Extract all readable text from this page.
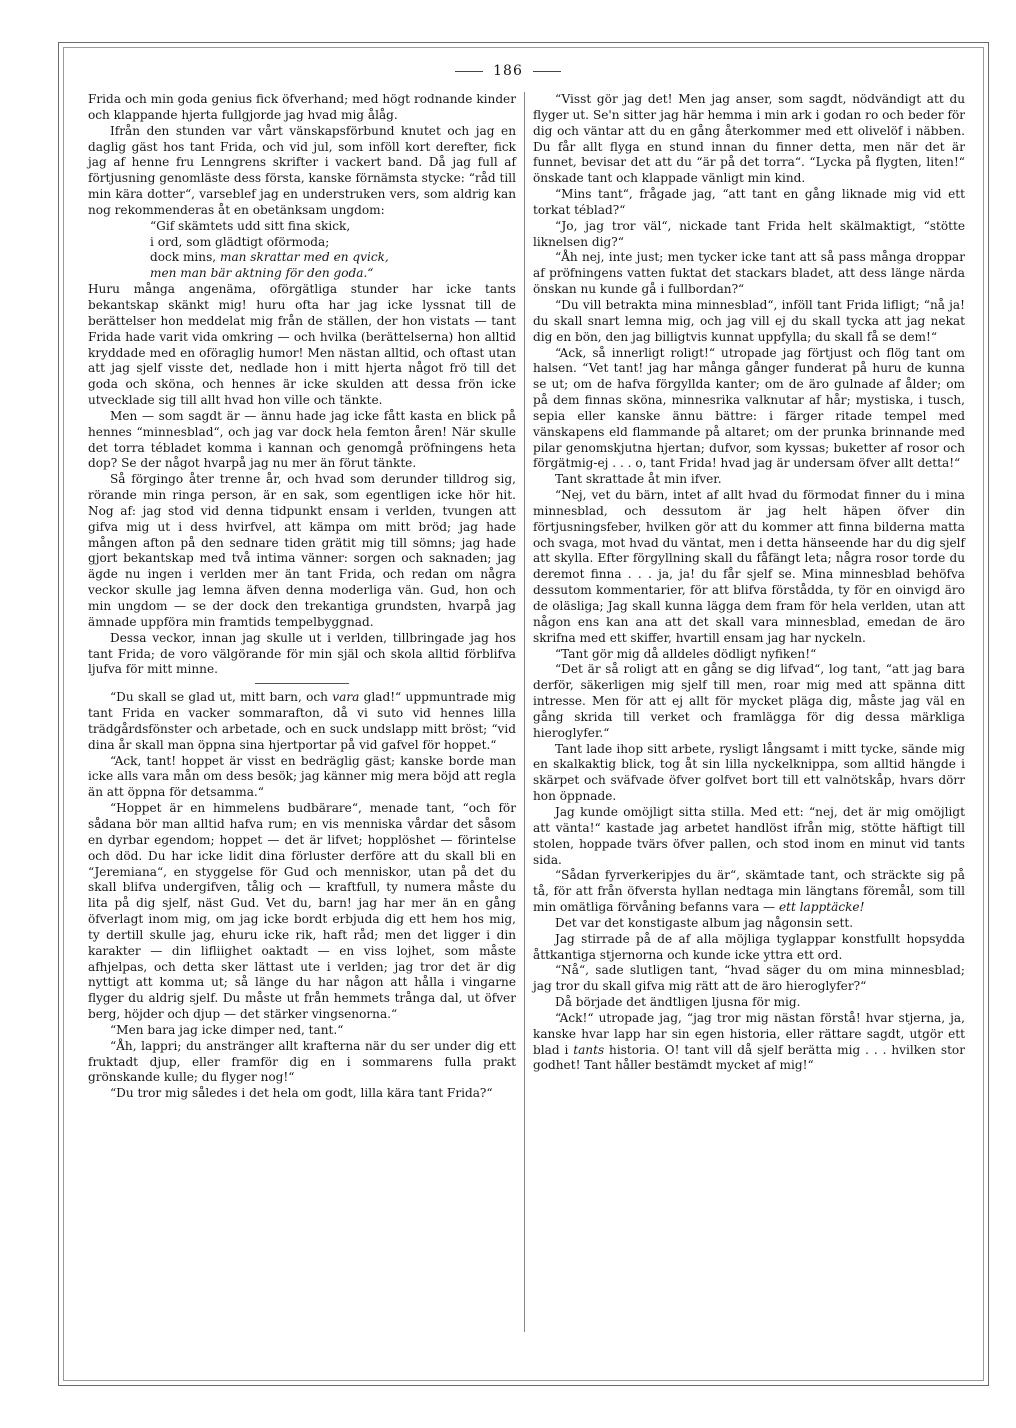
186

Frida och min goda genius fick öfverhand; med högt rodnande kinder och klappande hjerta fullgjorde jag hvad mig ålåg.

Ifrån den stunden var vårt vänskapsförbund knutet och jag en daglig gäst hos tant Frida, och vid jul, som inföll kort derefter, fick jag af henne fru Lenngrens skrifter i vackert band. Då jag full af förtjusning genomläste dess första, kanske förnämsta stycke: “råd till min kära dotter“, varseblef jag en understruken vers, som aldrig kan nog rekommenderas åt en obetänksam ungdom:

“Gif skämtets udd sitt fina skick,
i ord, som glädtigt oförmoda;
dock mins, man skrattar med en qvick,
men man bär aktning för den goda.“

Huru många angenäma, oförgätliga stunder har icke tants bekantskap skänkt mig! huru ofta har jag icke lyssnat till de berättelser hon meddelat mig från de ställen, der hon vistats — tant Frida hade varit vida omkring — och hvilka (berättelserna) hon alltid kryddade med en oföraglig humor! Men nästan alltid, och oftast utan att jag sjelf visste det, nedlade hon i mitt hjerta något frö till det goda och sköna, och hennes är icke skulden att dessa frön icke utvecklade sig till allt hvad hon ville och tänkte.

Men — som sagdt är — ännu hade jag icke fått kasta en blick på hennes “minnesblad“, och jag var dock hela femton åren! När skulle det torra tébladet komma i kannan och genomgå pröfningens heta dop? Se der något hvarpå jag nu mer än förut tänkte.

Så förgingo åter trenne år, och hvad som derunder tilldrog sig, rörande min ringa person, är en sak, som egentligen icke hör hit. Nog af: jag stod vid denna tidpunkt ensam i verlden, tvungen att gifva mig ut i dess hvirfvel, att kämpa om mitt bröd; jag hade mången afton på den sednare tiden grätit mig till sömns; jag hade gjort bekantskap med två intima vänner: sorgen och saknaden; jag ägde nu ingen i verlden mer än tant Frida, och redan om några veckor skulle jag lemna äfven denna moderliga vän. Gud, hon och min ungdom — se der dock den trekantiga grundsten, hvarpå jag ämnade uppföra min framtids tempelbyggnad.

Dessa veckor, innan jag skulle ut i verlden, tillbringade jag hos tant Frida; de voro välgörande för min själ och skola alltid förblifva ljufva för mitt minne.

“Du skall se glad ut, mitt barn, och vara glad!“ uppmuntrade mig tant Frida en vacker sommarafton, då vi suto vid hennes lilla trädgårdsfönster och arbetade, och en suck undslapp mitt bröst; “vid dina år skall man öppna sina hjertportar på vid gafvel för hoppet.“

“Ack, tant! hoppet är visst en bedräglig gäst; kanske borde man icke alls vara mån om dess besök; jag känner mig mera böjd att regla än att öppna för detsamma.“

“Hoppet är en himmelens budbärare“, menade tant, “och för sådana bör man alltid hafva rum; en vis menniska vårdar det såsom en dyrbar egendom; hoppet — det är lifvet; hopplöshet — förintelse och död. Du har icke lidit dina förluster derföre att du skall bli en “Jeremiana“, en styggelse för Gud och menniskor, utan på det du skall blifva undergifven, tålig och — kraftfull, ty numera måste du lita på dig sjelf, näst Gud. Vet du, barn! jag har mer än en gång öfverlagt inom mig, om jag icke bordt erbjuda dig ett hem hos mig, ty dertill skulle jag, ehuru icke rik, haft råd; men det ligger i din karakter — din lifliighet oaktadt — en viss lojhet, som måste afhjelpas, och detta sker lättast ute i verlden; jag tror det är dig nyttigt att komma ut; så länge du har någon att hålla i vingarne flyger du aldrig sjelf. Du måste ut från hemmets trånga dal, ut öfver berg, höjder och djup — det stärker vingsenorna.“

“Men bara jag icke dimper ned, tant.“

“Åh, lappri; du anstränger allt krafterna när du ser under dig ett fruktadt djup, eller framför dig en i sommarens fulla prakt grönskande kulle; du flyger nog!“

“Du tror mig således i det hela om godt, lilla kära tant Frida?“

“Visst gör jag det! Men jag anser, som sagdt, nödvändigt att du flyger ut. Se'n sitter jag här hemma i min ark i godan ro och beder för dig och väntar att du en gång återkommer med ett olivelöf i näbben. Du får allt flyga en stund innan du finner detta, men när det är funnet, bevisar det att du “är på det torra“. “Lycka på flygten, liten!“ önskade tant och klappade vänligt min kind.

“Mins tant“, frågade jag, “att tant en gång liknade mig vid ett torkat téblad?“

“Jo, jag tror väl“, nickade tant Frida helt skälmaktigt, “stötte liknelsen dig?“

“Åh nej, inte just; men tycker icke tant att så pass många droppar af pröfningens vatten fuktat det stackars bladet, att dess länge närda önskan nu kunde gå i fullbordan?“

“Du vill betrakta mina minnesblad“, inföll tant Frida lifligt; “nå ja! du skall snart lemna mig, och jag vill ej du skall tycka att jag nekat dig en bön, den jag billigtvis kunnat uppfylla; du skall få se dem!“

“Ack, så innerligt roligt!“ utropade jag förtjust och flög tant om halsen. “Vet tant! jag har många gånger funderat på huru de kunna se ut; om de hafva förgyllda kanter; om de äro gulnade af ålder; om på dem finnas sköna, minnesrika valknutar af hår; mystiska, i tusch, sepia eller kanske ännu bättre: i färger ritade tempel med vänskapens eld flammande på altaret; om der prunka brinnande med pilar genomskjutna hjertan; dufvor, som kyssas; buketter af rosor och förgätmig-ej . . . o, tant Frida! hvad jag är undersam öfver allt detta!“

Tant skrattade åt min ifver.

“Nej, vet du bärn, intet af allt hvad du förmodat finner du i mina minnesblad, och dessutom är jag helt häpen öfver din förtjusningsfeber, hvilken gör att du kommer att finna bilderna matta och svaga, mot hvad du väntat, men i detta hänseende har du dig sjelf att skylla. Efter förgyllning skall du fåfängt leta; några rosor torde du deremot finna . . . ja, ja! du får sjelf se. Mina minnesblad behöfva dessutom kommentarier, för att blifva förstådda, ty för en oinvigd äro de oläsliga; Jag skall kunna lägga dem fram för hela verlden, utan att någon ens kan ana att det skall vara minnesblad, emedan de äro skrifna med ett skiffer, hvartill ensam jag har nyckeln.

“Tant gör mig då alldeles dödligt nyfiken!“

“Det är så roligt att en gång se dig lifvad“, log tant, “att jag bara derför, säkerligen mig sjelf till men, roar mig med att spänna ditt intresse. Men för att ej allt för mycket pläga dig, måste jag väl en gång skrida till verket och framlägga för dig dessa märkliga hieroglyfer.“

Tant lade ihop sitt arbete, rysligt långsamt i mitt tycke, sände mig en skalkaktig blick, tog åt sin lilla nyckelknippa, som alltid hängde i skärpet och sväfvade öfver golfvet bort till ett valnötskåp, hvars dörr hon öppnade.

Jag kunde omöjligt sitta stilla. Med ett: “nej, det är mig omöjligt att vänta!“ kastade jag arbetet handlöst ifrån mig, stötte häftigt till stolen, hoppade tvärs öfver pallen, och stod inom en minut vid tants sida.

“Sådan fyrverkeripjes du är“, skämtade tant, och sträckte sig på tå, för att från öfversta hyllan nedtaga min längtans föremål, som till min omätliga förvåning befanns vara — ett lapptäcke!

Det var det konstigaste album jag någonsin sett.

Jag stirrade på de af alla möjliga tyglappar konstfullt hopsydda åttkantiga stjernorna och kunde icke yttra ett ord.

“Nå“, sade slutligen tant, “hvad säger du om mina minnesblad; jag tror du skall gifva mig rätt att de äro hieroglyfer?“

Då började det ändtligen ljusna för mig.

“Ack!“ utropade jag, “jag tror mig nästan förstå! hvar stjerna, ja, kanske hvar lapp har sin egen historia, eller rättare sagdt, utgör ett blad i tants historia. O! tant vill då sjelf berätta mig . . . hvilken stor godhet! Tant håller bestämdt mycket af mig!“
